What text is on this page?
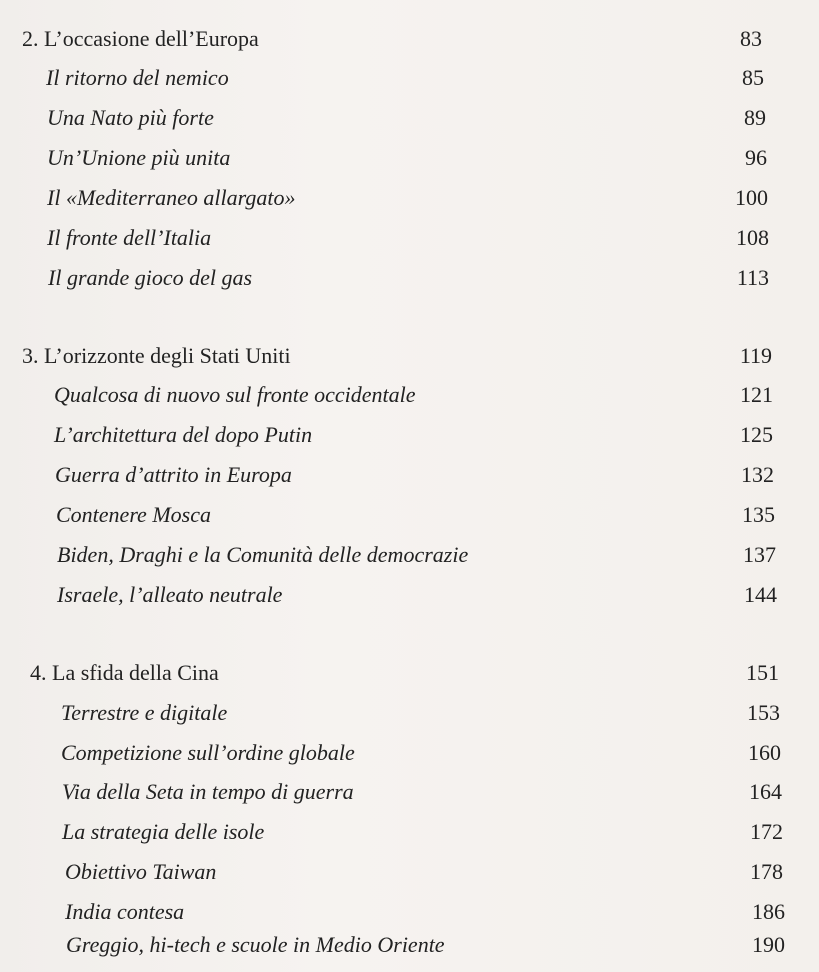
2. L’occasione dell’Europa	83
Il ritorno del nemico	85
Una Nato più forte	89
Un’Unione più unita	96
Il «Mediterraneo allargato»	100
Il fronte dell’Italia	108
Il grande gioco del gas	113
3. L’orizzonte degli Stati Uniti	119
Qualcosa di nuovo sul fronte occidentale	121
L’architettura del dopo Putin	125
Guerra d’attrito in Europa	132
Contenere Mosca	135
Biden, Draghi e la Comunità delle democrazie	137
Israele, l’alleato neutrale	144
4. La sfida della Cina	151
Terrestre e digitale	153
Competizione sull’ordine globale	160
Via della Seta in tempo di guerra	164
La strategia delle isole	172
Obiettivo Taiwan	178
India contesa	186
Greggio, hi-tech e scuole in Medio Oriente	190
